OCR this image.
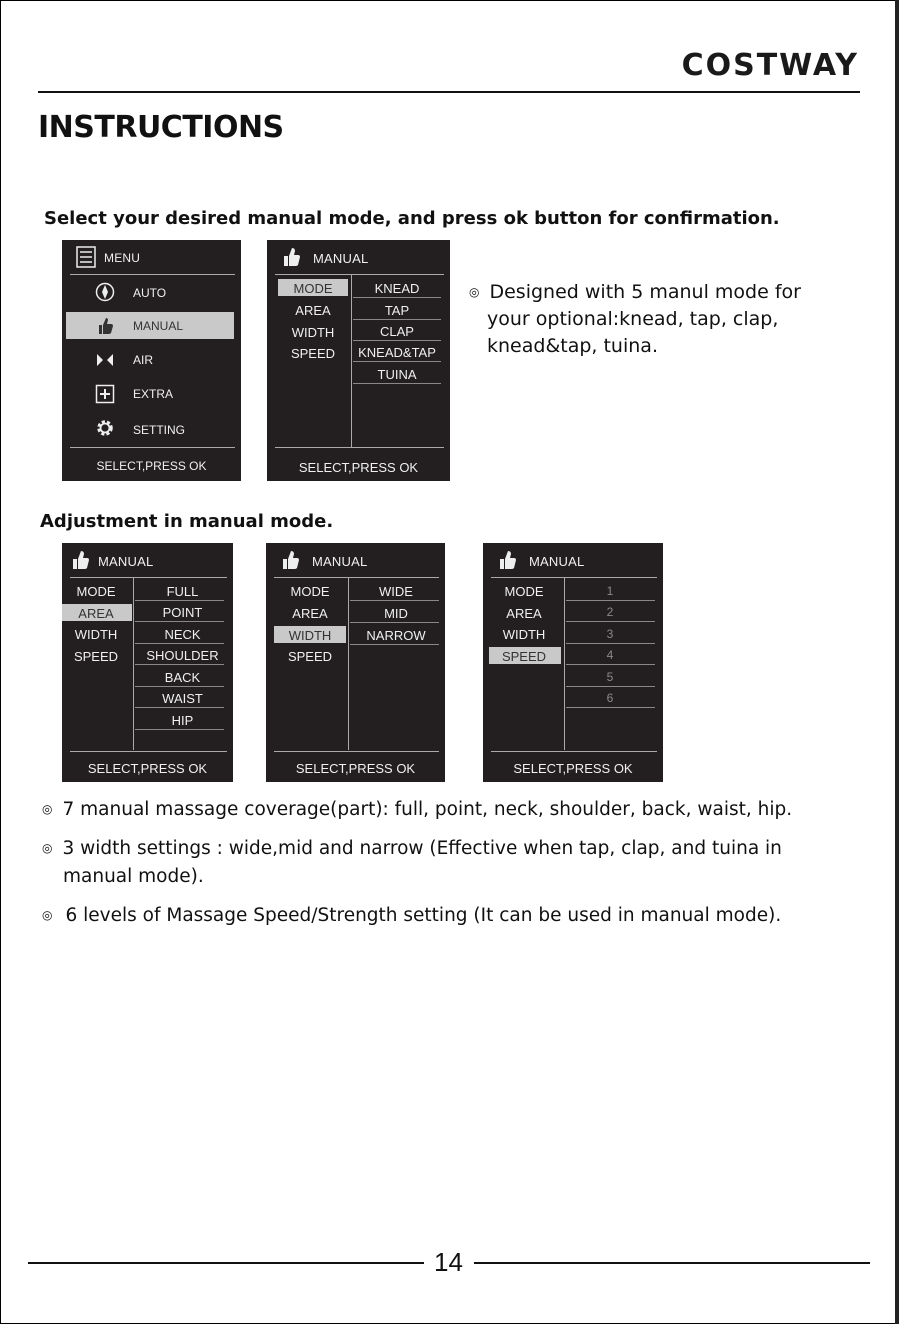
COSTWAY
INSTRUCTIONS
Select your desired manual mode, and press ok button for confirmation.
MENU
AUTO
MANUAL
AIR
EXTRA
SETTING
SELECT,PRESS OK
MANUAL
MODE
AREA
WIDTH
SPEED
KNEAD
TAP
CLAP
KNEAD&TAP
TUINA
SELECT,PRESS OK
◎ Designed with 5 manul mode for
your optional:knead, tap, clap,
knead&tap, tuina.
Adjustment in manual mode.
MANUAL
MODE
AREA
WIDTH
SPEED
FULL
POINT
NECK
SHOULDER
BACK
WAIST
HIP
SELECT,PRESS OK
MANUAL
MODE
AREA
WIDTH
SPEED
WIDE
MID
NARROW
SELECT,PRESS OK
MANUAL
MODE
AREA
WIDTH
SPEED
1
2
3
4
5
6
SELECT,PRESS OK
◎ 7 manual massage coverage(part): full, point, neck, shoulder, back, waist, hip.
◎ 3 width settings : wide,mid and narrow (Effective when tap, clap, and tuina in
manual mode).
◎ 6 levels of Massage Speed/Strength setting (It can be used in manual mode).
14
